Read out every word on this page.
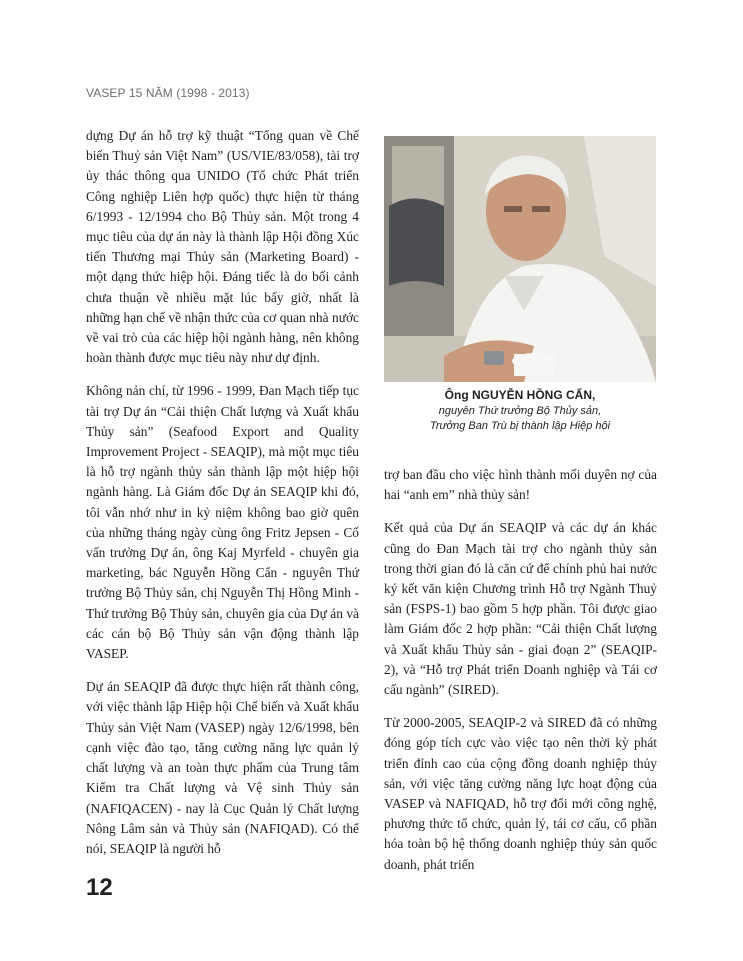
VASEP 15 NĂM (1998 - 2013)

dựng Dự án hỗ trợ kỹ thuật “Tổng quan về Chế biến Thuỷ sản Việt Nam” (US/VIE/83/058), tài trợ ủy thác thông qua UNIDO (Tổ chức Phát triển Công nghiệp Liên hợp quốc) thực hiện từ tháng 6/1993 - 12/1994 cho Bộ Thủy sản. Một trong 4 mục tiêu của dự án này là thành lập Hội đồng Xúc tiến Thương mại Thủy sản (Marketing Board) - một dạng thức hiệp hội. Đáng tiếc là do bối cảnh chưa thuận về nhiều mặt lúc bấy giờ, nhất là những hạn chế về nhận thức của cơ quan nhà nước về vai trò của các hiệp hội ngành hàng, nên không hoàn thành được mục tiêu này như dự định.

Không nản chí, từ 1996 - 1999, Đan Mạch tiếp tục tài trợ Dự án “Cải thiện Chất lượng và Xuất khẩu Thủy sản” (Seafood Export and Quality Improvement Project - SEAQIP), mà một mục tiêu là hỗ trợ ngành thủy sản thành lập một hiệp hội ngành hàng. Là Giám đốc Dự án SEAQIP khi đó, tôi vẫn nhớ như in kỷ niệm không bao giờ quên của những tháng ngày cùng ông Fritz Jepsen - Cố vấn trưởng Dự án, ông Kaj Myrfeld - chuyên gia marketing, bác Nguyễn Hồng Cẩn - nguyên Thứ trưởng Bộ Thủy sản, chị Nguyễn Thị Hồng Minh - Thứ trưởng Bộ Thủy sản, chuyên gia của Dự án và các cán bộ Bộ Thủy sản vận động thành lập VASEP.

Dự án SEAQIP đã được thực hiện rất thành công, với việc thành lập Hiệp hội Chế biến và Xuất khẩu Thủy sản Việt Nam (VASEP) ngày 12/6/1998, bên cạnh việc đào tạo, tăng cường năng lực quản lý chất lượng và an toàn thực phẩm của Trung tâm Kiểm tra Chất lượng và Vệ sinh Thủy sản (NAFIQACEN) - nay là Cục Quản lý Chất lượng Nông Lâm sản và Thủy sản (NAFIQAD). Có thể nói, SEAQIP là người hỗ

Ông NGUYỄN HỒNG CẨN,
nguyên Thứ trưởng Bộ Thủy sản,
Trưởng Ban Trù bị thành lập Hiệp hội

trợ ban đầu cho việc hình thành mối duyên nợ của hai “anh em” nhà thủy sản!

Kết quả của Dự án SEAQIP và các dự án khác cũng do Đan Mạch tài trợ cho ngành thủy sản trong thời gian đó là căn cứ để chính phủ hai nước ký kết văn kiện Chương trình Hỗ trợ Ngành Thuỷ sản (FSPS-1) bao gồm 5 hợp phần. Tôi được giao làm Giám đốc 2 hợp phần: “Cải thiện Chất lượng và Xuất khẩu Thủy sản - giai đoạn 2” (SEAQIP-2), và “Hỗ trợ Phát triển Doanh nghiệp và Tái cơ cấu ngành” (SIRED).

Từ 2000-2005, SEAQIP-2 và SIRED đã có những đóng góp tích cực vào việc tạo nên thời kỳ phát triển đỉnh cao của cộng đồng doanh nghiệp thủy sản, với việc tăng cường năng lực hoạt động của VASEP và NAFIQAD, hỗ trợ đổi mới công nghệ, phương thức tổ chức, quản lý, tái cơ cấu, cổ phần hóa toàn bộ hệ thống doanh nghiệp thủy sản quốc doanh, phát triển

12
